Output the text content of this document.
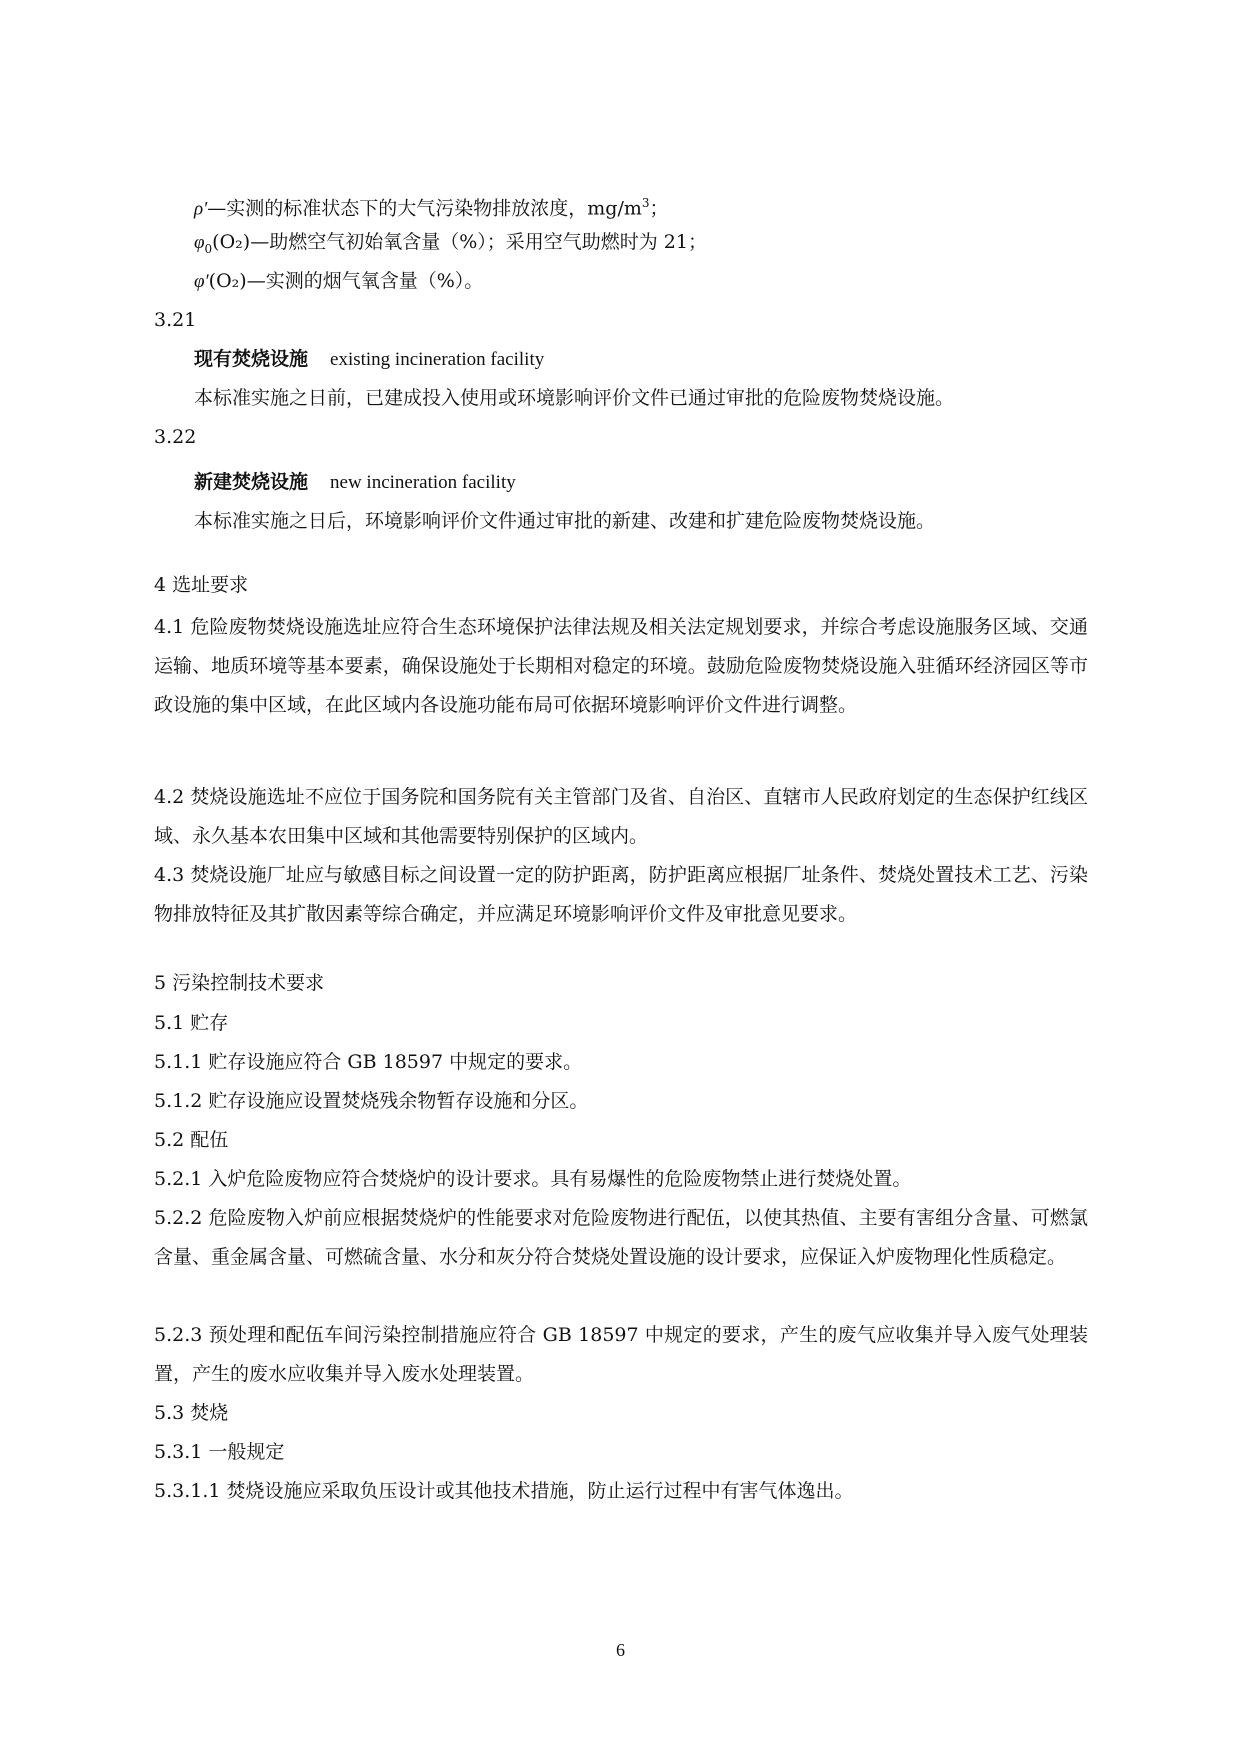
ρ′—实测的标准状态下的大气污染物排放浓度，$mg/m^3$；
$\varphi_0(O_2)—$助燃空气初始氧含量（%）；采用空气助燃时为 21；
φ′(O₂)—实测的烟气氧含量（%）。
3.21
现有焚烧设施 existing incineration facility
本标准实施之日前，已建成投入使用或环境影响评价文件已通过审批的危险废物焚烧设施。
3.22
新建焚烧设施 new incineration facility
本标准实施之日后，环境影响评价文件通过审批的新建、改建和扩建危险废物焚烧设施。
4 选址要求
4.1 危险废物焚烧设施选址应符合生态环境保护法律法规及相关法定规划要求，并综合考虑设施服务区域、交通运输、地质环境等基本要素，确保设施处于长期相对稳定的环境。鼓励危险废物焚烧设施入驻循环经济园区等市政设施的集中区域，在此区域内各设施功能布局可依据环境影响评价文件进行调整。
4.2 焚烧设施选址不应位于国务院和国务院有关主管部门及省、自治区、直辖市人民政府划定的生态保护红线区域、永久基本农田集中区域和其他需要特别保护的区域内。
4.3 焚烧设施厂址应与敏感目标之间设置一定的防护距离，防护距离应根据厂址条件、焚烧处置技术工艺、污染物排放特征及其扩散因素等综合确定，并应满足环境影响评价文件及审批意见要求。
5 污染控制技术要求
5.1 贮存
5.1.1 贮存设施应符合 GB 18597 中规定的要求。
5.1.2 贮存设施应设置焚烧残余物暂存设施和分区。
5.2 配伍
5.2.1 入炉危险废物应符合焚烧炉的设计要求。具有易爆性的危险废物禁止进行焚烧处置。
5.2.2 危险废物入炉前应根据焚烧炉的性能要求对危险废物进行配伍，以使其热值、主要有害组分含量、可燃氯含量、重金属含量、可燃硫含量、水分和灰分符合焚烧处置设施的设计要求，应保证入炉废物理化性质稳定。
5.2.3 预处理和配伍车间污染控制措施应符合 GB 18597 中规定的要求，产生的废气应收集并导入废气处理装置，产生的废水应收集并导入废水处理装置。
5.3 焚烧
5.3.1 一般规定
5.3.1.1 焚烧设施应采取负压设计或其他技术措施，防止运行过程中有害气体逸出。
6
